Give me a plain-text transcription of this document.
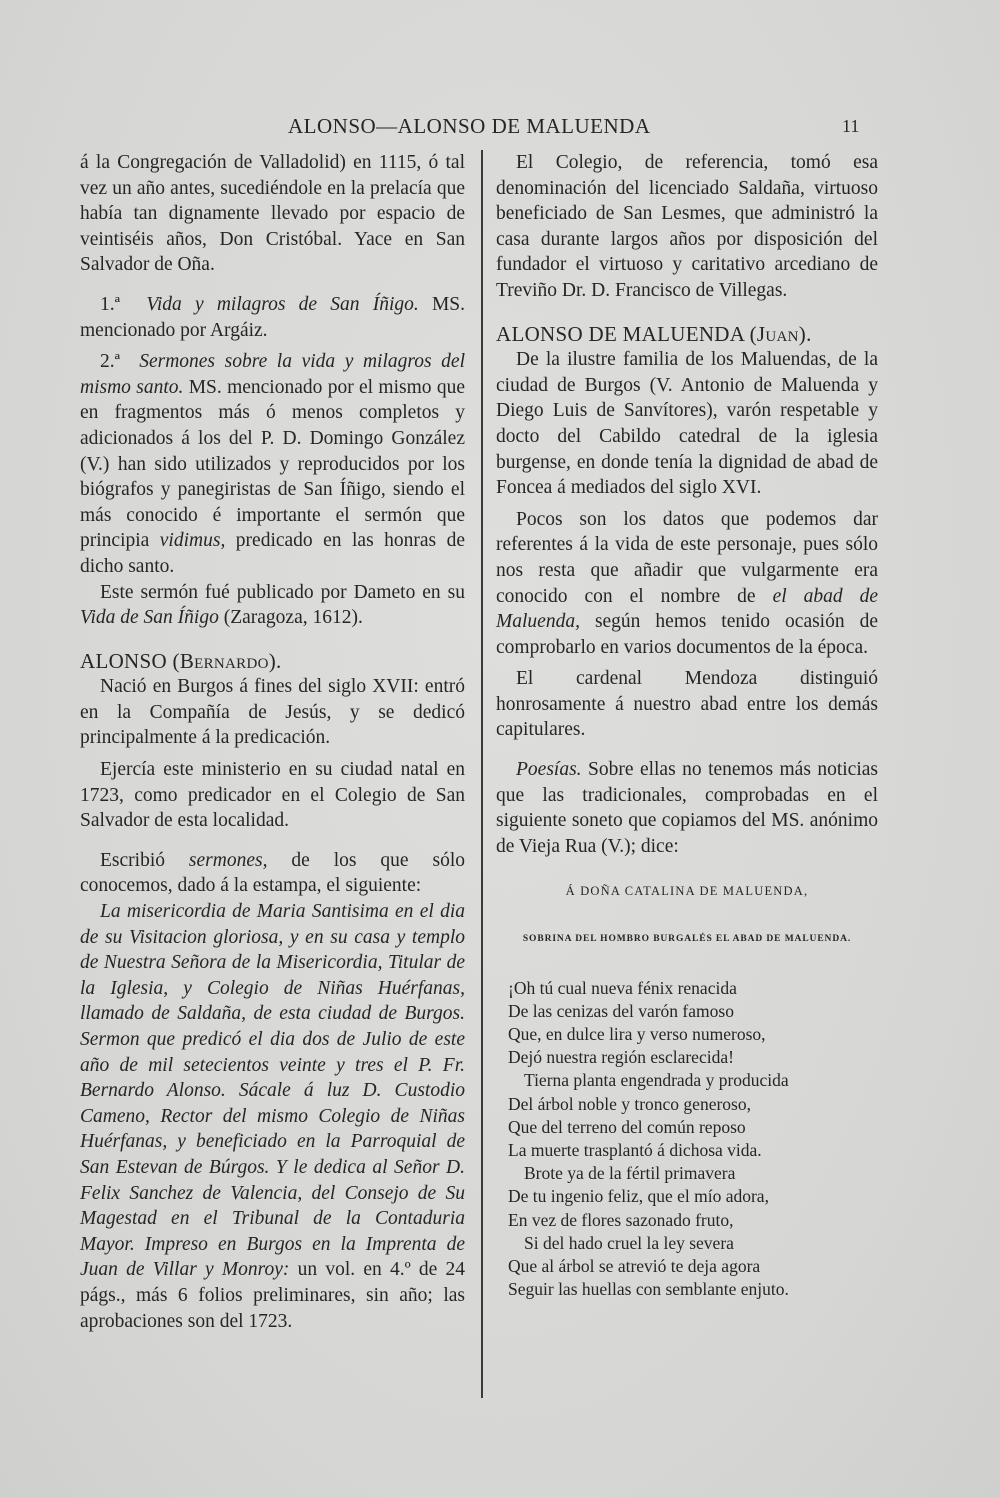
ALONSO—ALONSO DE MALUENDA	11

á la Congregación de Valladolid) en 1115, ó tal vez un año antes, sucediéndole en la prelacía que había tan dignamente llevado por espacio de veintiséis años, Don Cristóbal. Yace en San Salvador de Oña.

1.ª Vida y milagros de San Íñigo. MS. mencionado por Argáiz.

2.ª Sermones sobre la vida y milagros del mismo santo. MS. mencionado por el mismo que en fragmentos más ó menos completos y adicionados á los del P. D. Domingo González (V.) han sido utilizados y reproducidos por los biógrafos y panegiristas de San Íñigo, siendo el más conocido é importante el sermón que principia vidimus, predicado en las honras de dicho santo.

Este sermón fué publicado por Dameto en su Vida de San Íñigo (Zaragoza, 1612).

ALONSO (Bernardo).

Nació en Burgos á fines del siglo XVII: entró en la Compañía de Jesús, y se dedicó principalmente á la predicación.

Ejercía este ministerio en su ciudad natal en 1723, como predicador en el Colegio de San Salvador de esta localidad.

Escribió sermones, de los que sólo conocemos, dado á la estampa, el siguiente:

La misericordia de Maria Santisima en el dia de su Visitacion gloriosa, y en su casa y templo de Nuestra Señora de la Misericordia, Titular de la Iglesia, y Colegio de Niñas Huérfanas, llamado de Saldaña, de esta ciudad de Burgos. Sermon que predicó el dia dos de Julio de este año de mil setecientos veinte y tres el P. Fr. Bernardo Alonso. Sácale á luz D. Custodio Cameno, Rector del mismo Colegio de Niñas Huérfanas, y beneficiado en la Parroquial de San Estevan de Búrgos. Y le dedica al Señor D. Felix Sanchez de Valencia, del Consejo de Su Magestad en el Tribunal de la Contaduria Mayor. Impreso en Burgos en la Imprenta de Juan de Villar y Monroy: un vol. en 4.º de 24 págs., más 6 folios preliminares, sin año; las aprobaciones son del 1723.

El Colegio, de referencia, tomó esa denominación del licenciado Saldaña, virtuoso beneficiado de San Lesmes, que administró la casa durante largos años por disposición del fundador el virtuoso y caritativo arcediano de Treviño Dr. D. Francisco de Villegas.

ALONSO DE MALUENDA (Juan).

De la ilustre familia de los Maluendas, de la ciudad de Burgos (V. Antonio de Maluenda y Diego Luis de Sanvítores), varón respetable y docto del Cabildo catedral de la iglesia burgense, en donde tenía la dignidad de abad de Foncea á mediados del siglo XVI.

Pocos son los datos que podemos dar referentes á la vida de este personaje, pues sólo nos resta que añadir que vulgarmente era conocido con el nombre de el abad de Maluenda, según hemos tenido ocasión de comprobarlo en varios documentos de la época.

El cardenal Mendoza distinguió honrosamente á nuestro abad entre los demás capitulares.

Poesías. Sobre ellas no tenemos más noticias que las tradicionales, comprobadas en el siguiente soneto que copiamos del MS. anónimo de Vieja Rua (V.); dice:

Á DOÑA CATALINA DE MALUENDA,
SOBRINA DEL HOMBRO BURGALÉS EL ABAD DE MALUENDA.
¡Oh tú cual nueva fénix renacida
De las cenizas del varón famoso
Que, en dulce lira y verso numeroso,
Dejó nuestra región esclarecida!
Tierna planta engendrada y producida
Del árbol noble y tronco generoso,
Que del terreno del común reposo
La muerte trasplantó á dichosa vida.
Brote ya de la fértil primavera
De tu ingenio feliz, que el mío adora,
En vez de flores sazonado fruto,
Si del hado cruel la ley severa
Que al árbol se atrevió te deja agora
Seguir las huellas con semblante enjuto.
